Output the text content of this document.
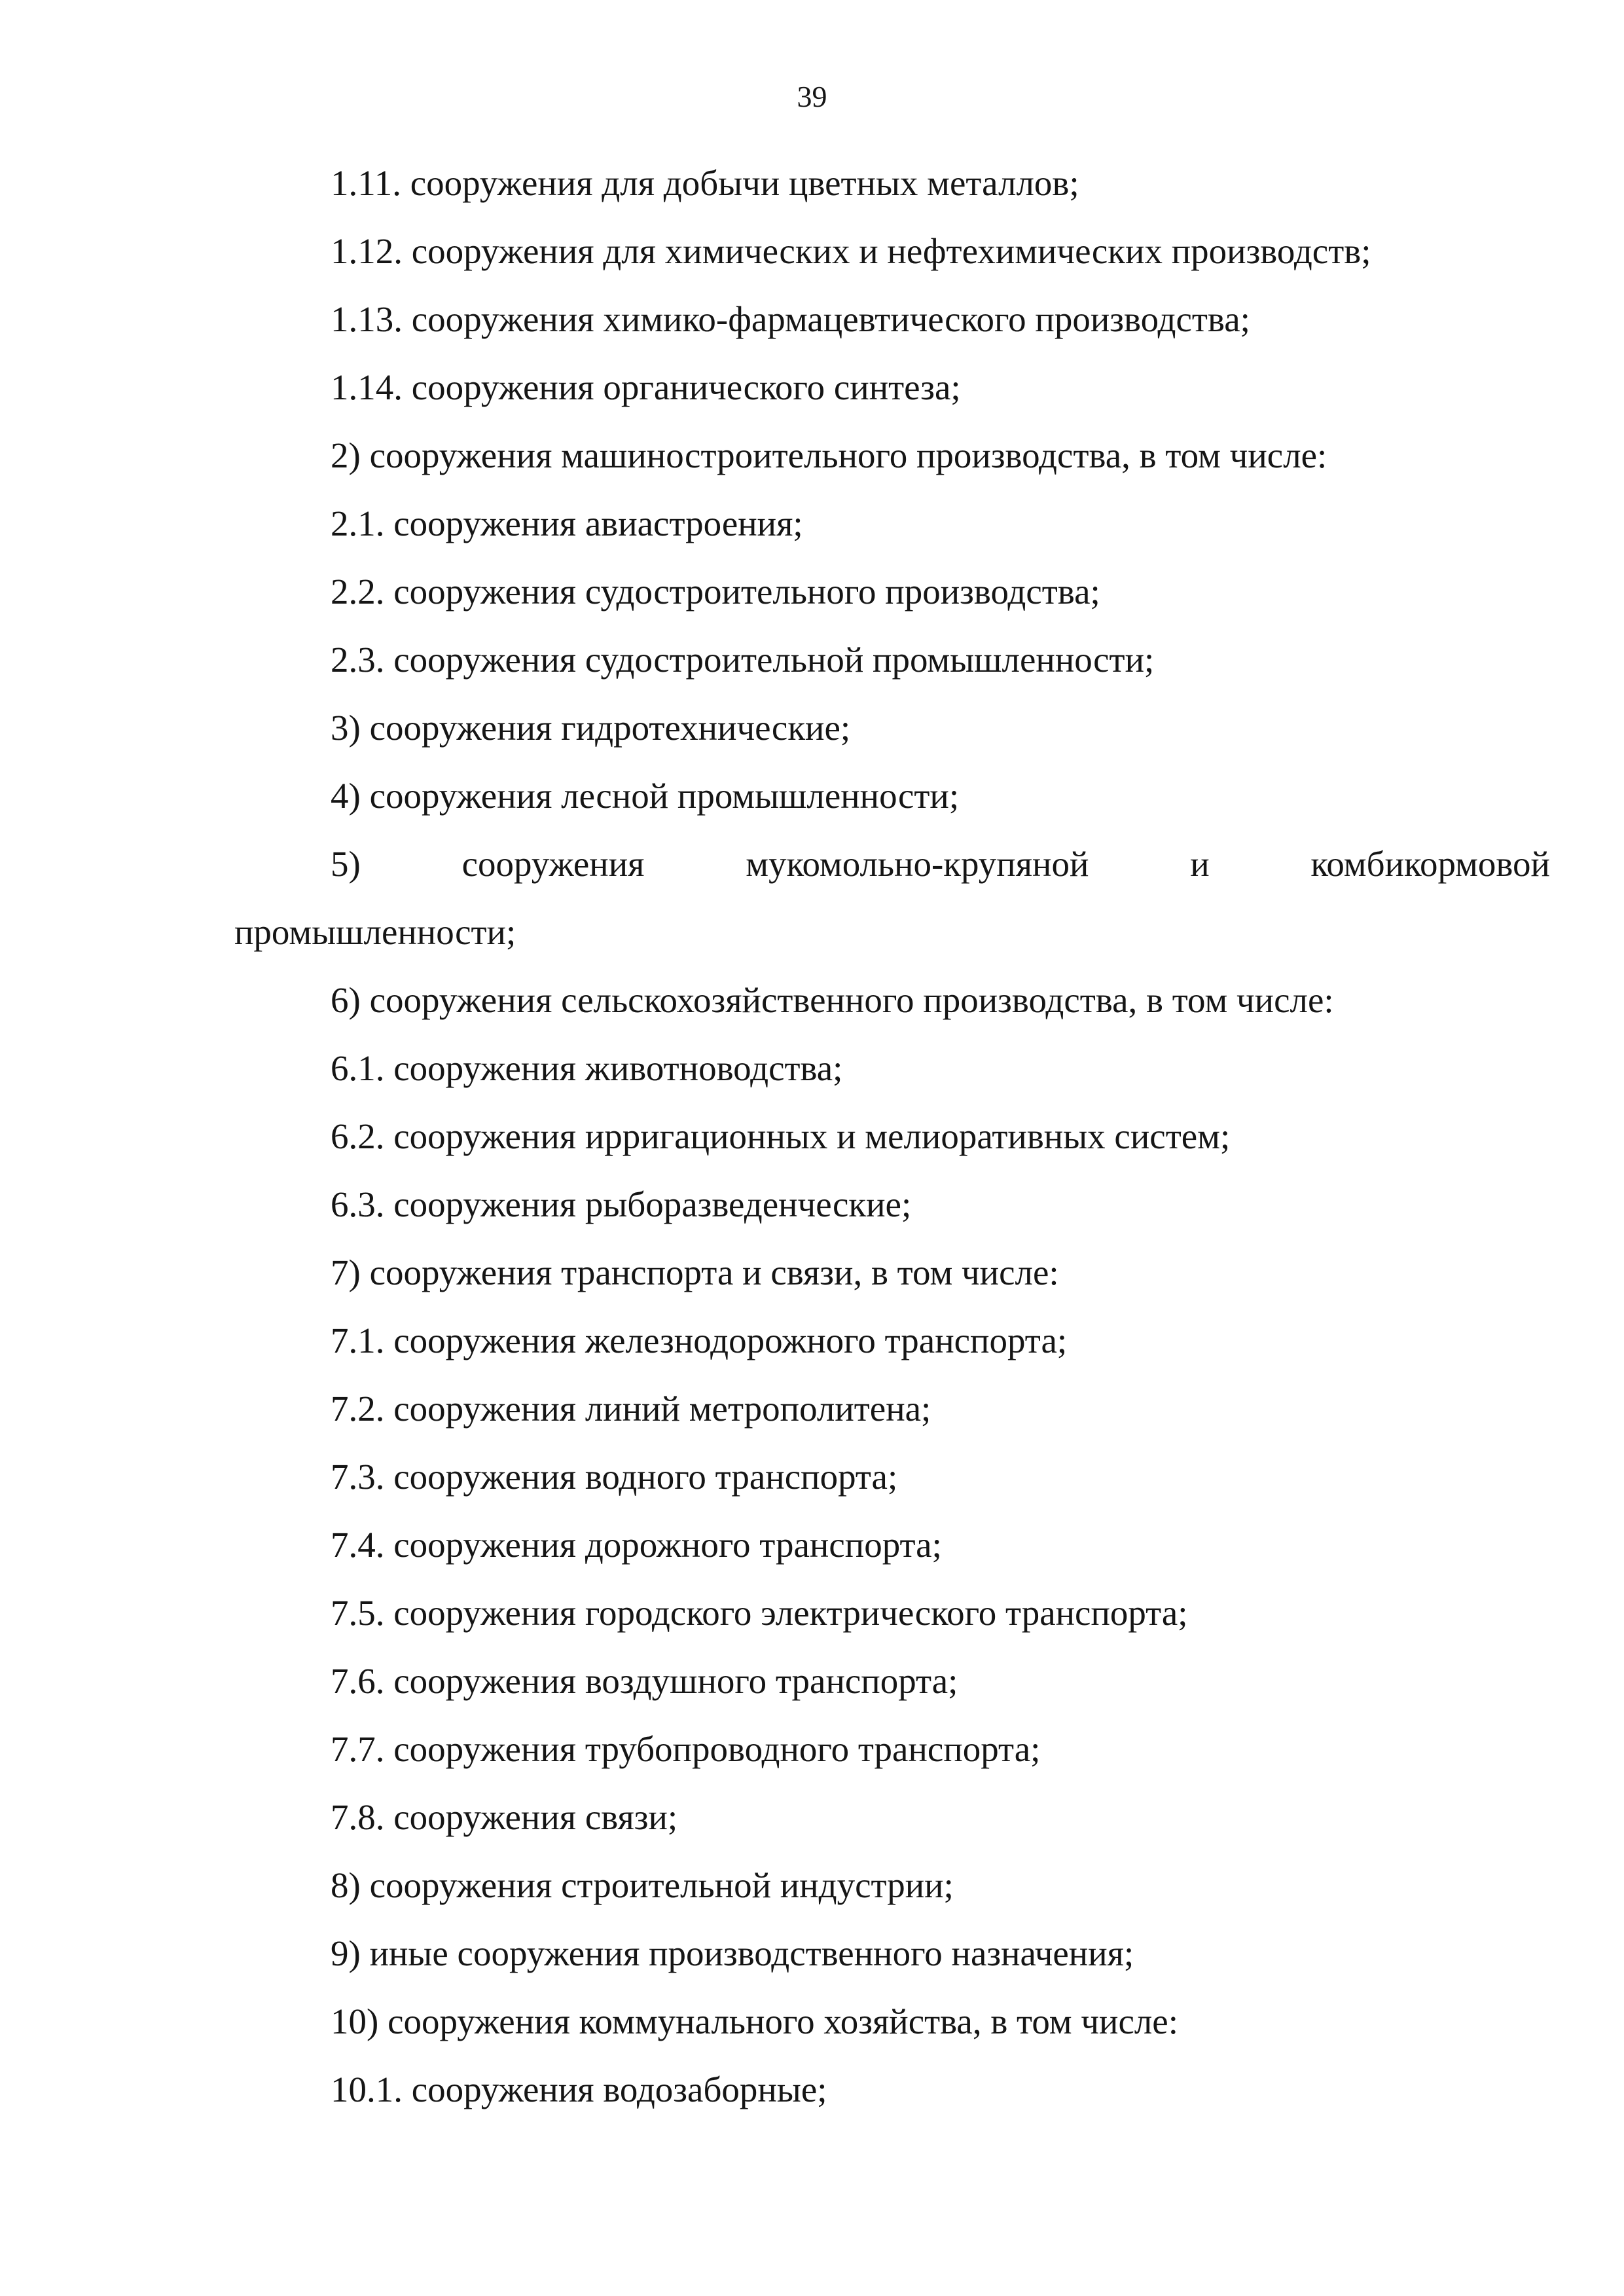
39
1.11. сооружения для добычи цветных металлов;
1.12. сооружения для химических и нефтехимических производств;
1.13. сооружения химико-фармацевтического производства;
1.14. сооружения органического синтеза;
2) сооружения машиностроительного производства, в том числе:
2.1. сооружения авиастроения;
2.2. сооружения судостроительного производства;
2.3. сооружения судостроительной промышленности;
3) сооружения гидротехнические;
4) сооружения лесной промышленности;
5)	сооружения	мукомольно-крупяной	и	комбикормовой
промышленности;
6) сооружения сельскохозяйственного производства, в том числе:
6.1. сооружения животноводства;
6.2. сооружения ирригационных и мелиоративных систем;
6.3. сооружения рыборазведенческие;
7) сооружения транспорта и связи, в том числе:
7.1. сооружения железнодорожного транспорта;
7.2. сооружения линий метрополитена;
7.3. сооружения водного транспорта;
7.4. сооружения дорожного транспорта;
7.5. сооружения городского электрического транспорта;
7.6. сооружения воздушного транспорта;
7.7. сооружения трубопроводного транспорта;
7.8. сооружения связи;
8) сооружения строительной индустрии;
9) иные сооружения производственного назначения;
10) сооружения коммунального хозяйства, в том числе:
10.1. сооружения водозаборные;
